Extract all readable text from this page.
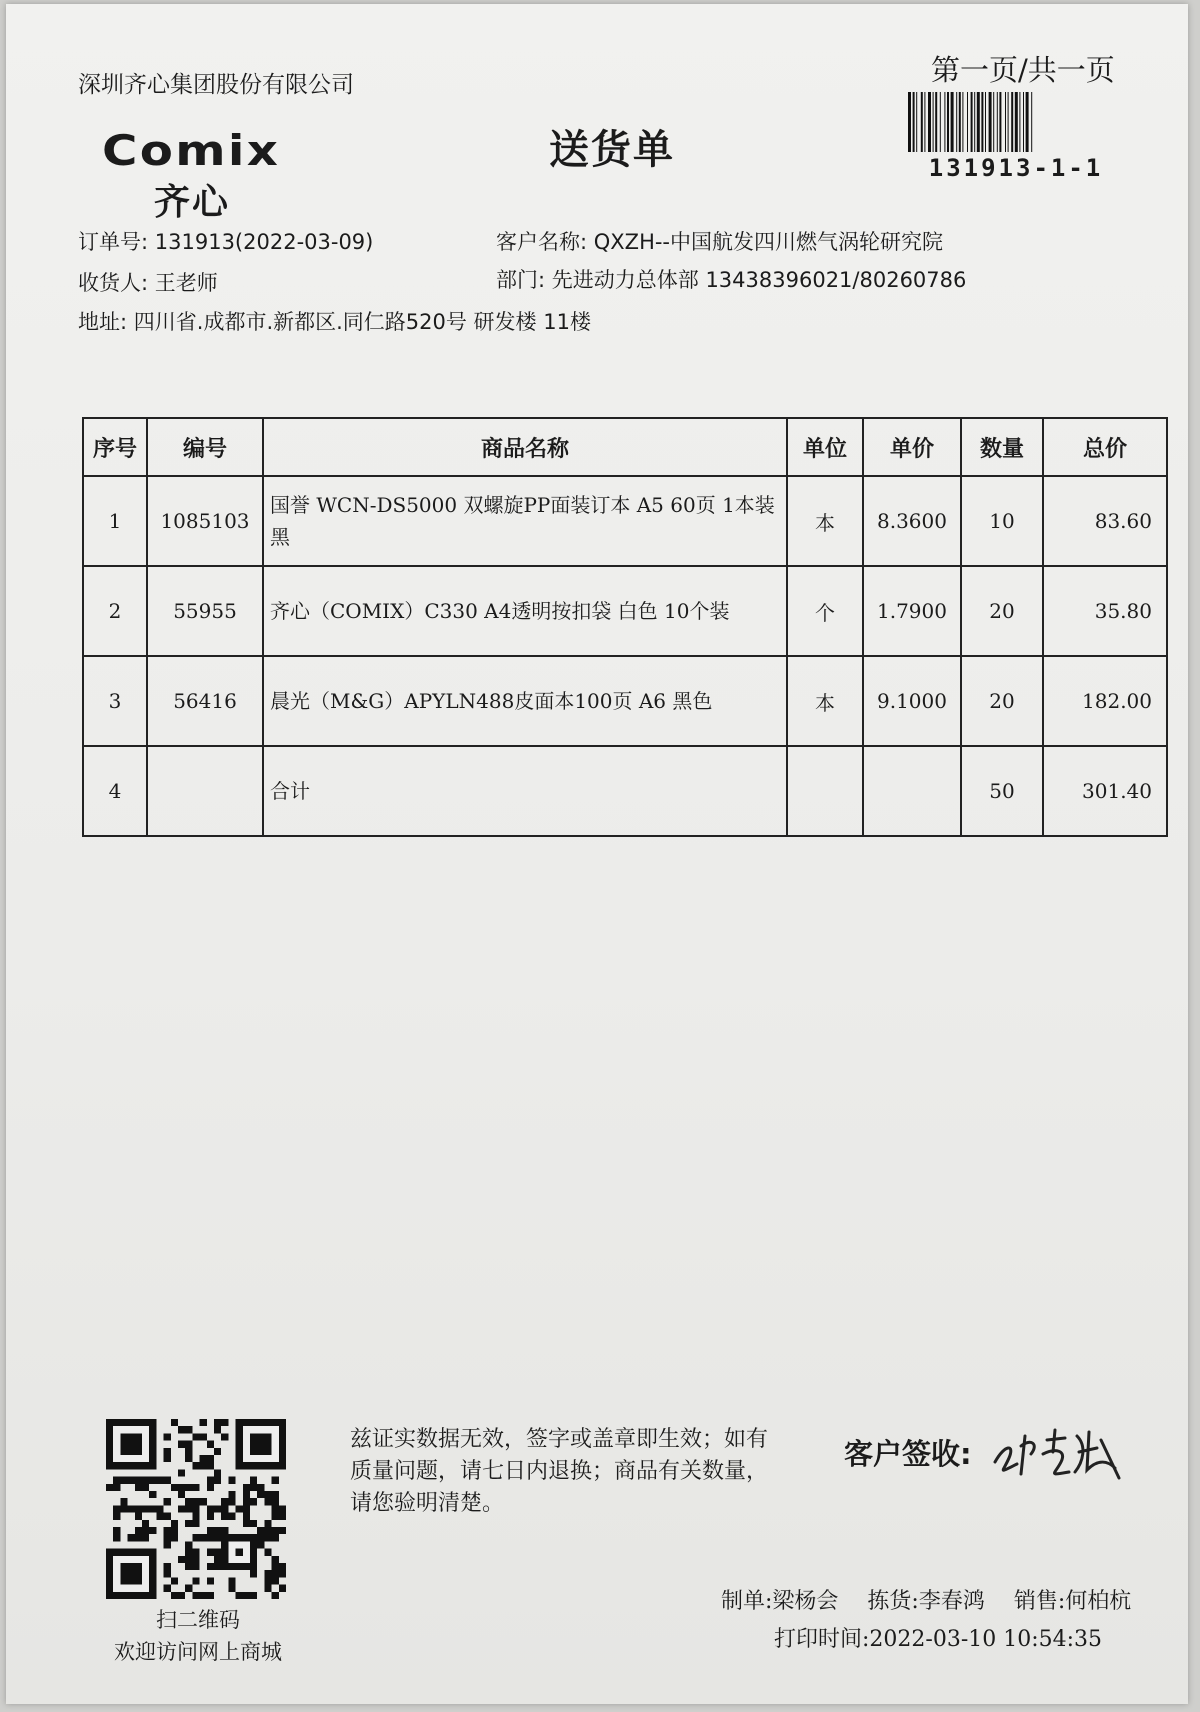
深圳齐心集团股份有限公司	第一页/共一页
131913-1-1
Comix
齐心
送货单
订单号: 131913(2022-03-09)
收货人: 王老师
地址: 四川省.成都市.新都区.同仁路520号 研发楼 11楼
客户名称: QXZH--中国航发四川燃气涡轮研究院
部门: 先进动力总体部 13438396021/80260786
序号	编号	商品名称	单位	单价	数量	总价
1	1085103	国誉 WCN-DS5000 双螺旋PP面装订本 A5 60页 1本装 黑	本	8.3600	10	83.60
2	55955	齐心（COMIX）C330 A4透明按扣袋 白色 10个装	个	1.7900	20	35.80
3	56416	晨光（M&G）APYLN488皮面本100页 A6 黑色	本	9.1000	20	182.00
4		合计			50	301.40
扫二维码
欢迎访问网上商城
兹证实数据无效，签字或盖章即生效；如有质量问题，请七日内退换；商品有关数量，请您验明清楚。
客户签收:
制单:梁杨会 拣货:李春鸿 销售:何柏杭
打印时间:2022-03-10 10:54:35
